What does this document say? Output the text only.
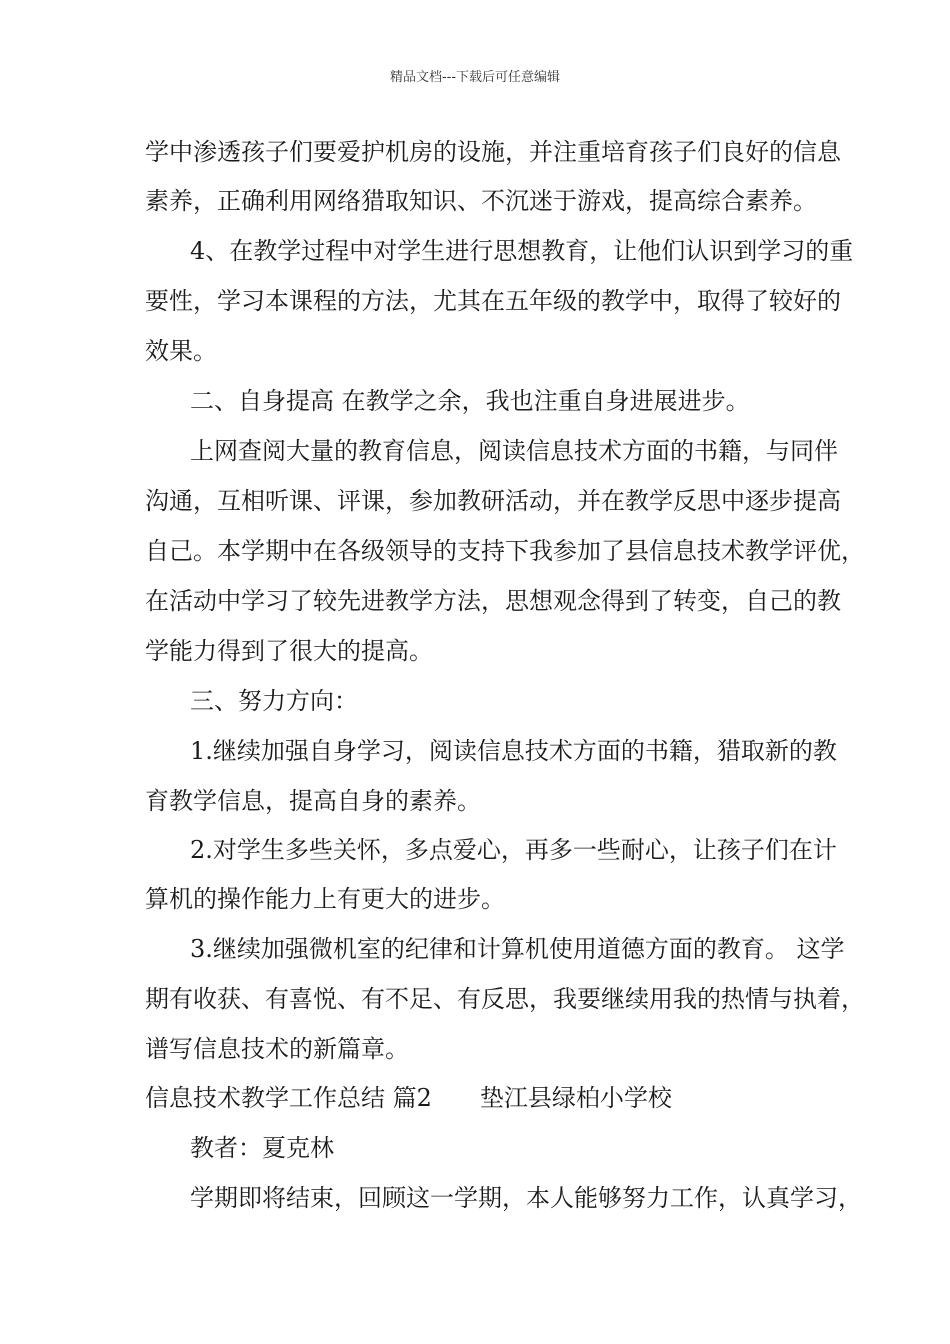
精品文档---下载后可任意编辑
学中渗透孩子们要爱护机房的设施，并注重培育孩子们良好的信息
素养，正确利用网络猎取知识、不沉迷于游戏，提高综合素养。
4、在教学过程中对学生进行思想教育，让他们认识到学习的重
要性，学习本课程的方法，尤其在五年级的教学中，取得了较好的
效果。
二、自身提高 在教学之余，我也注重自身进展进步。
上网查阅大量的教育信息，阅读信息技术方面的书籍，与同伴
沟通，互相听课、评课，参加教研活动，并在教学反思中逐步提高
自己。本学期中在各级领导的支持下我参加了县信息技术教学评优，
在活动中学习了较先进教学方法，思想观念得到了转变，自己的教
学能力得到了很大的提高。
三、努力方向：
1.继续加强自身学习，阅读信息技术方面的书籍，猎取新的教
育教学信息，提高自身的素养。
2.对学生多些关怀，多点爱心，再多一些耐心，让孩子们在计
算机的操作能力上有更大的进步。
3.继续加强微机室的纪律和计算机使用道德方面的教育。 这学
期有收获、有喜悦、有不足、有反思，我要继续用我的热情与执着，
谱写信息技术的新篇章。
信息技术教学工作总结 篇2　　垫江县绿柏小学校
教者：夏克林
学期即将结束，回顾这一学期，本人能够努力工作，认真学习，
